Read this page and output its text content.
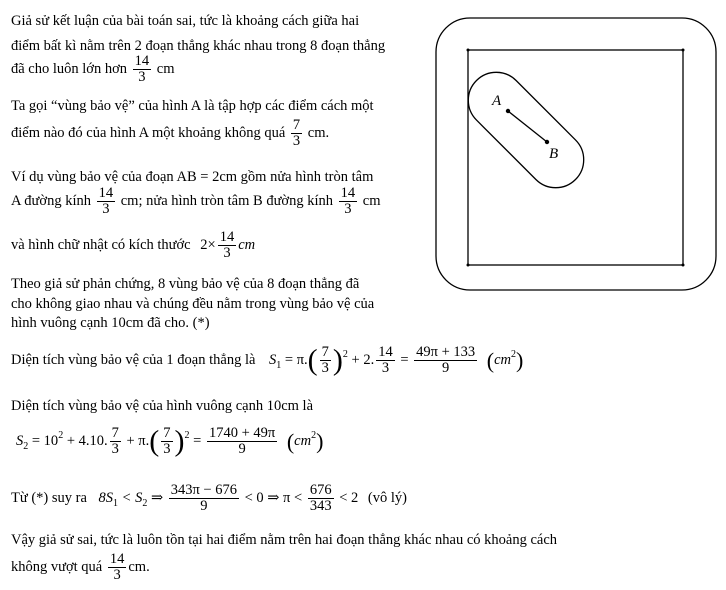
Giả sử kết luận của bài toán sai, tức là khoảng cách giữa hai
điểm bất kì nằm trên 2 đoạn thẳng khác nhau trong 8 đoạn thẳng
đã cho luôn lớn hơn $\frac{14}{3}$ cm
Ta gọi “vùng bảo vệ” của hình A là tập hợp các điểm cách một
điểm nào đó của hình A một khoảng không quá $\frac{7}{3}$ cm.
Ví dụ vùng bảo vệ của đoạn AB = 2cm gồm nửa hình tròn tâm
A đường kính $\frac{14}{3}$ cm; nửa hình tròn tâm B đường kính $\frac{14}{3}$ cm
và hình chữ nhật có kích thước $2\times \frac{14}{3}$ cm
Theo giả sử phản chứng, 8 vùng bảo vệ của 8 đoạn thẳng đã
cho không giao nhau và chúng đều nằm trong vùng bảo vệ của
hình vuông cạnh 10cm đã cho. (*)
Diện tích vùng bảo vệ của 1 đoạn thẳng là $S_1 = \pi.( \frac{7}{3} )^2 + 2$. $\frac{14}{3} = \frac{49\pi + 133}{9} (cm^2)$
Diện tích vùng bảo vệ của hình vuông cạnh 10cm là
$S_2 = 10^2 + 4.10$. $\frac{7}{3} + \pi.( \frac{7}{3} )^2 = \frac{1740 + 49\pi}{9} (cm^2)$
Từ (*) suy ra $8S_1 < S_2$ ⇒ $\frac{343\pi - 676}{9} < 0$ ⇒ $\pi < \frac{676}{343} < 2$ (vô lý)
Vậy giả sử sai, tức là luôn tồn tại hai điểm nằm trên hai đoạn thẳng khác nhau có khoảng cách
không vượt quá $\frac{14}{3}$ cm.
A
B
